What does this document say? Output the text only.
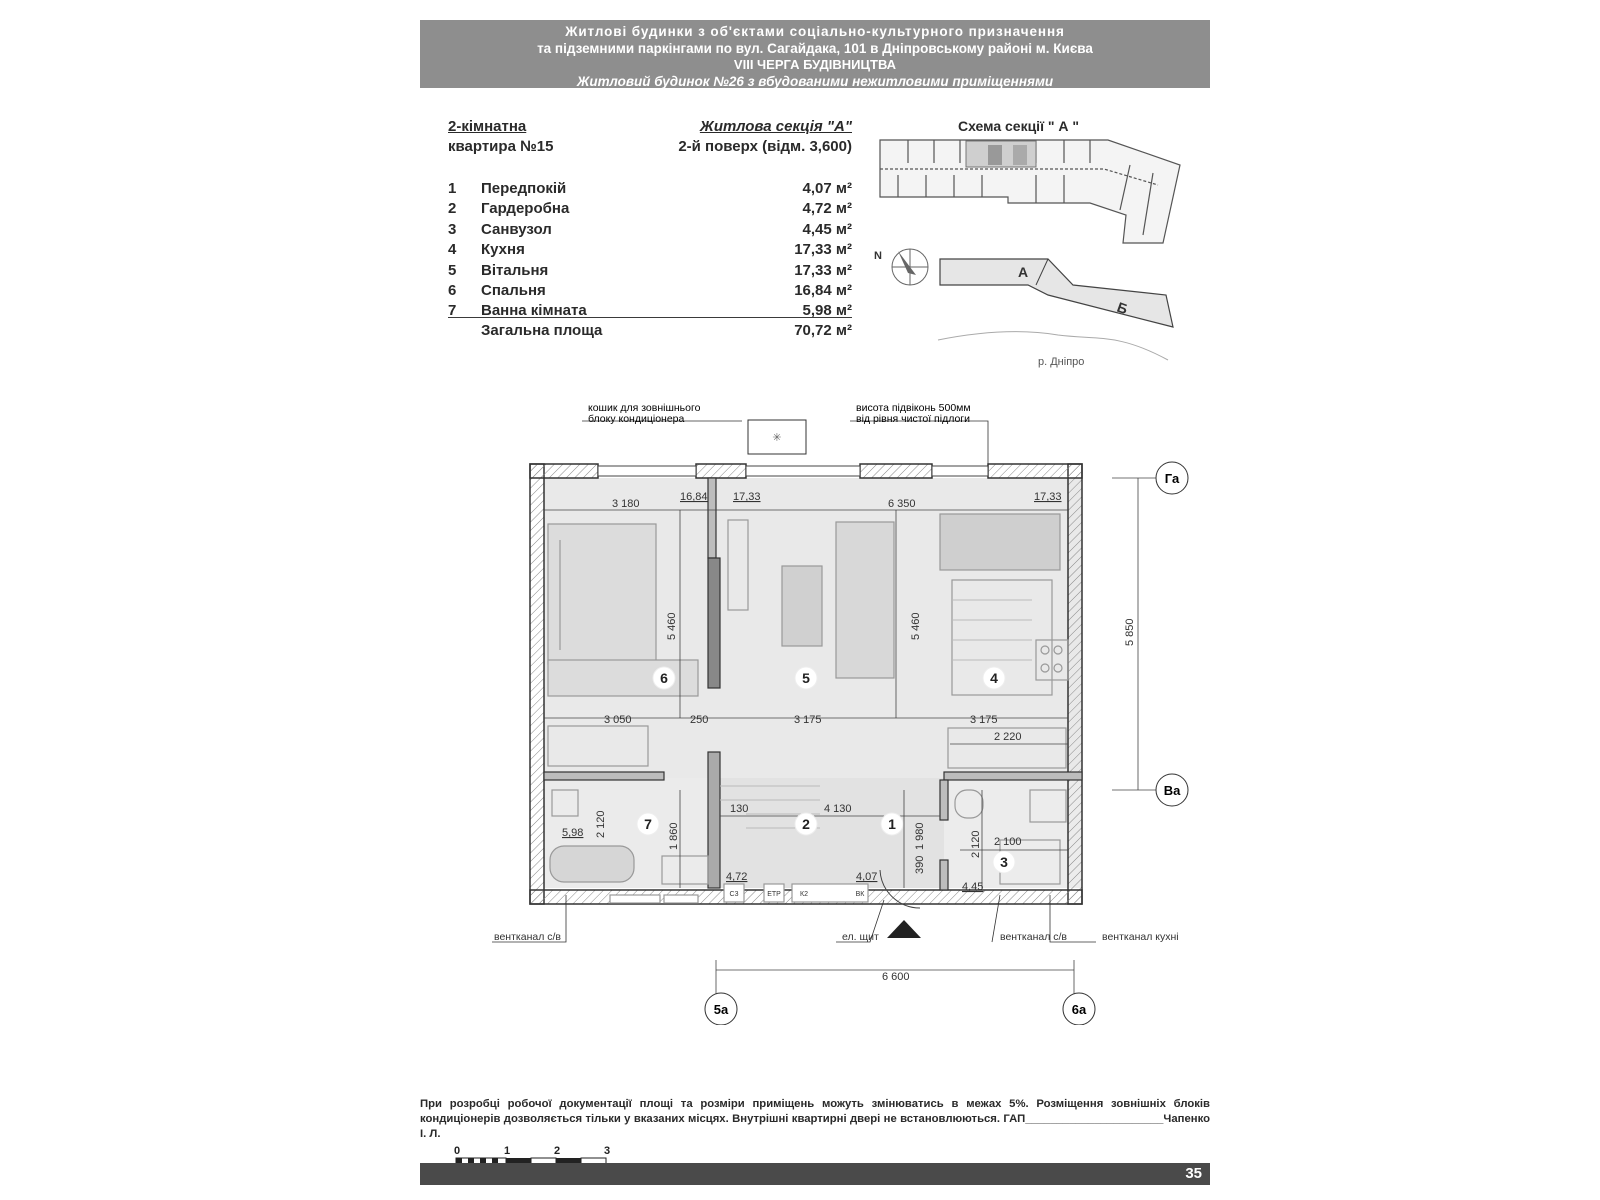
Житлові будинки з об'єктами соціально-культурного призначення
та підземними паркінгами по вул. Сагайдака, 101 в Дніпровському районі м. Києва
VIII ЧЕРГА БУДІВНИЦТВА
Житловий будинок №26 з вбудованими нежитловими приміщеннями
2-кімнатна	Житлова секція "А"
квартира №15	2-й поверх (відм. 3,600)
1 Передпокій	4,07 м²
2 Гардеробна	4,72 м²
3 Санвузол	4,45 м²
4 Кухня	17,33 м²
5 Вітальня	17,33 м²
6 Спальня	16,84 м²
7 Ванна кімната	5,98 м²
Загальна площа	70,72 м²
Схема секції " А "
N
А
Б
р. Дніпро
✳
Га
Ва
5а	6а
кошик для зовнішнього
блоку кондиціонера
висота підвіконь 500мм
від рівня чистої підлоги
3 180	6 350
5 460	5 460	5 850
3 050	250	3 175	3 175
2 220
130	4 130
2 120	1 860	1 980
390
2 120 2 100
6 600
16,84 17,33	17,33
5,98
4,72	4,07
4,45
6	5	4
7	2	1
3
С3	ЕТР	К2	ВК
вентканал с/в	ел. щит	вентканал с/в	вентканал кухні
При розробці робочої документації площі та розміри приміщень можуть змінюватись в межах 5%. Розміщення зовнішніх блоків кондиціонерів дозволяється тільки у вказаних місцях. Внутрішні квартирні двері не встановлюються. ГАП______________________Чапенко І. Л.
0	1	2	3
35
